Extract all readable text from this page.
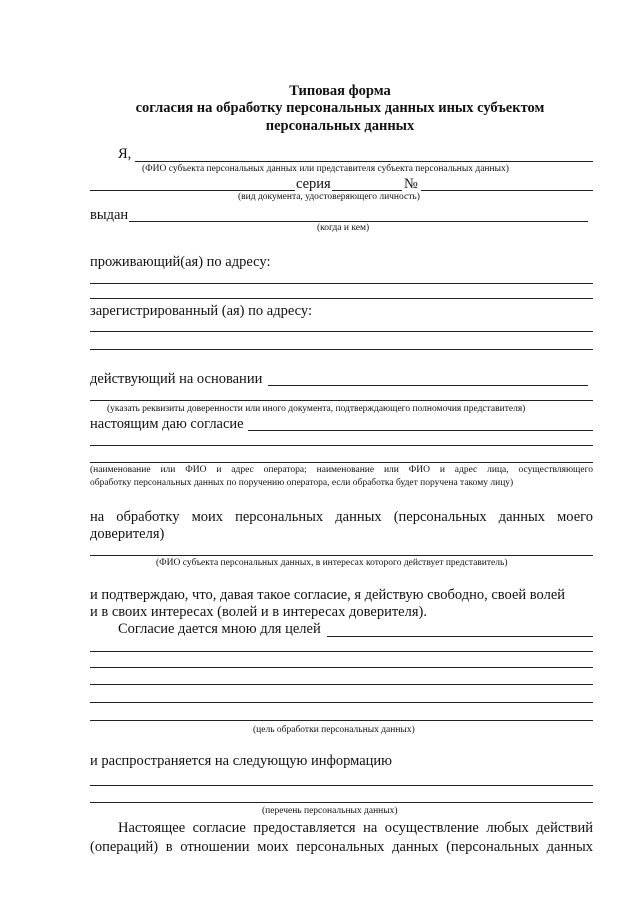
Типовая форма
согласия на обработку персональных данных иных субъектом
персональных данных
Я,
(ФИО субъекта персональных данных или представителя субъекта персональных данных)
серия	№
(вид документа, удостоверяющего личность)
выдан
(когда и кем)
проживающий(ая) по адресу:
зарегистрированный (ая) по адресу:
действующий на основании
(указать реквизиты доверенности или иного документа, подтверждающего полномочия представителя)
настоящим даю согласие
(наименование или ФИО и адрес оператора; наименование или ФИО и адрес лица, осуществляющего
обработку персональных данных по поручению оператора, если обработка будет поручена такому лицу)
на обработку моих персональных данных (персональных данных моего
доверителя)
(ФИО субъекта персональных данных, в интересах которого действует представитель)
и подтверждаю, что, давая такое согласие, я действую свободно, своей волей
и в своих интересах (волей и в интересах доверителя).
Согласие дается мною для целей
(цель обработки персональных данных)
и распространяется на следующую информацию
(перечень персональных данных)
Настоящее согласие предоставляется на осуществление любых действий
(операций) в отношении моих персональных данных (персональных данных
